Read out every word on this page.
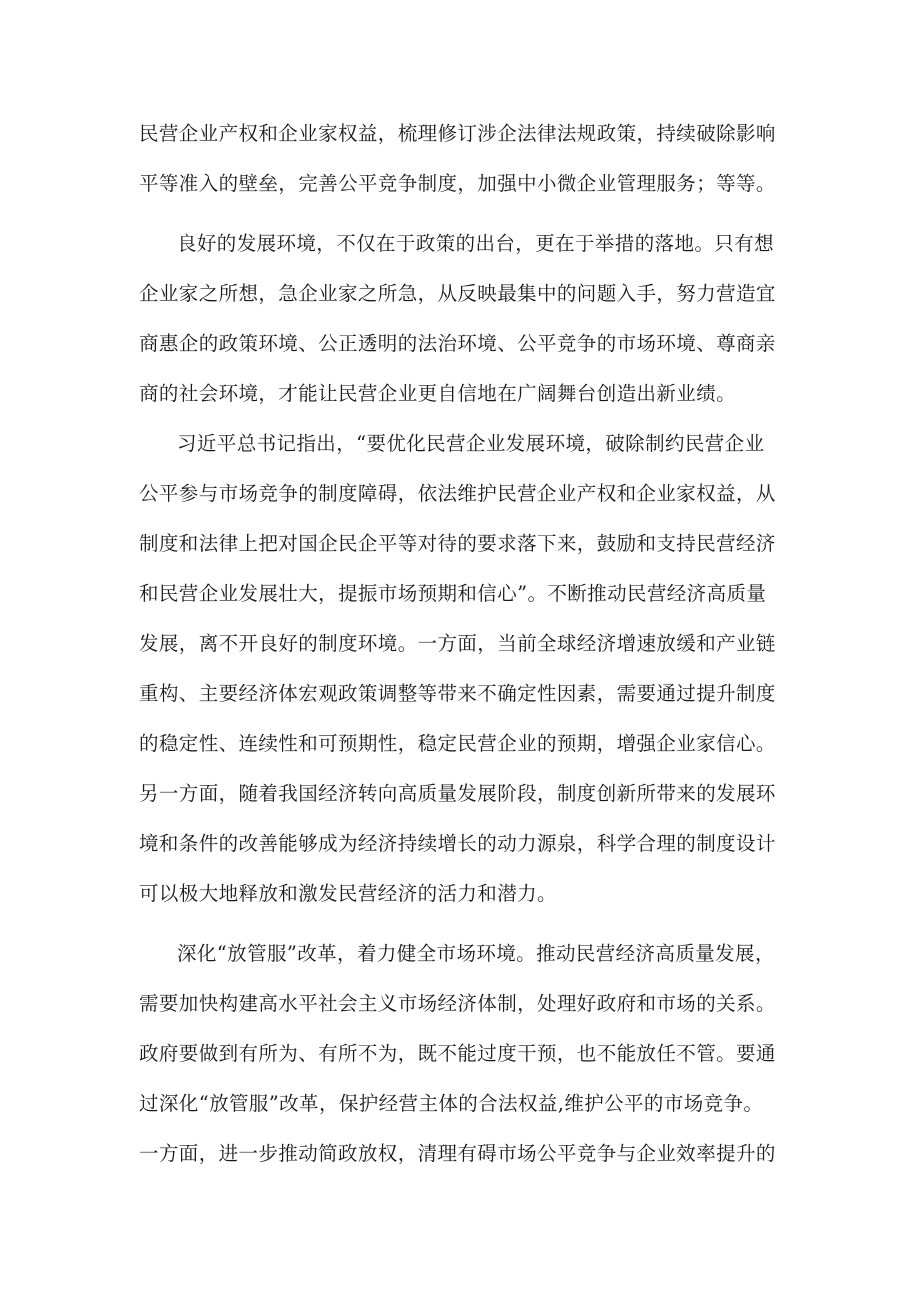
民营企业产权和企业家权益，梳理修订涉企法律法规政策，持续破除影响
平等准入的壁垒，完善公平竞争制度，加强中小微企业管理服务；等等。
良好的发展环境，不仅在于政策的出台，更在于举措的落地。只有想
企业家之所想，急企业家之所急，从反映最集中的问题入手，努力营造宜
商惠企的政策环境、公正透明的法治环境、公平竞争的市场环境、尊商亲
商的社会环境，才能让民营企业更自信地在广阔舞台创造出新业绩。
习近平总书记指出，“要优化民营企业发展环境，破除制约民营企业
公平参与市场竞争的制度障碍，依法维护民营企业产权和企业家权益，从
制度和法律上把对国企民企平等对待的要求落下来，鼓励和支持民营经济
和民营企业发展壮大，提振市场预期和信心”。不断推动民营经济高质量
发展，离不开良好的制度环境。一方面，当前全球经济增速放缓和产业链
重构、主要经济体宏观政策调整等带来不确定性因素，需要通过提升制度
的稳定性、连续性和可预期性，稳定民营企业的预期，增强企业家信心。
另一方面，随着我国经济转向高质量发展阶段，制度创新所带来的发展环
境和条件的改善能够成为经济持续增长的动力源泉，科学合理的制度设计
可以极大地释放和激发民营经济的活力和潜力。
深化“放管服”改革，着力健全市场环境。推动民营经济高质量发展，
需要加快构建高水平社会主义市场经济体制，处理好政府和市场的关系。
政府要做到有所为、有所不为，既不能过度干预，也不能放任不管。要通
过深化“放管服”改革，保护经营主体的合法权益,维护公平的市场竞争。
一方面，进一步推动简政放权，清理有碍市场公平竞争与企业效率提升的
